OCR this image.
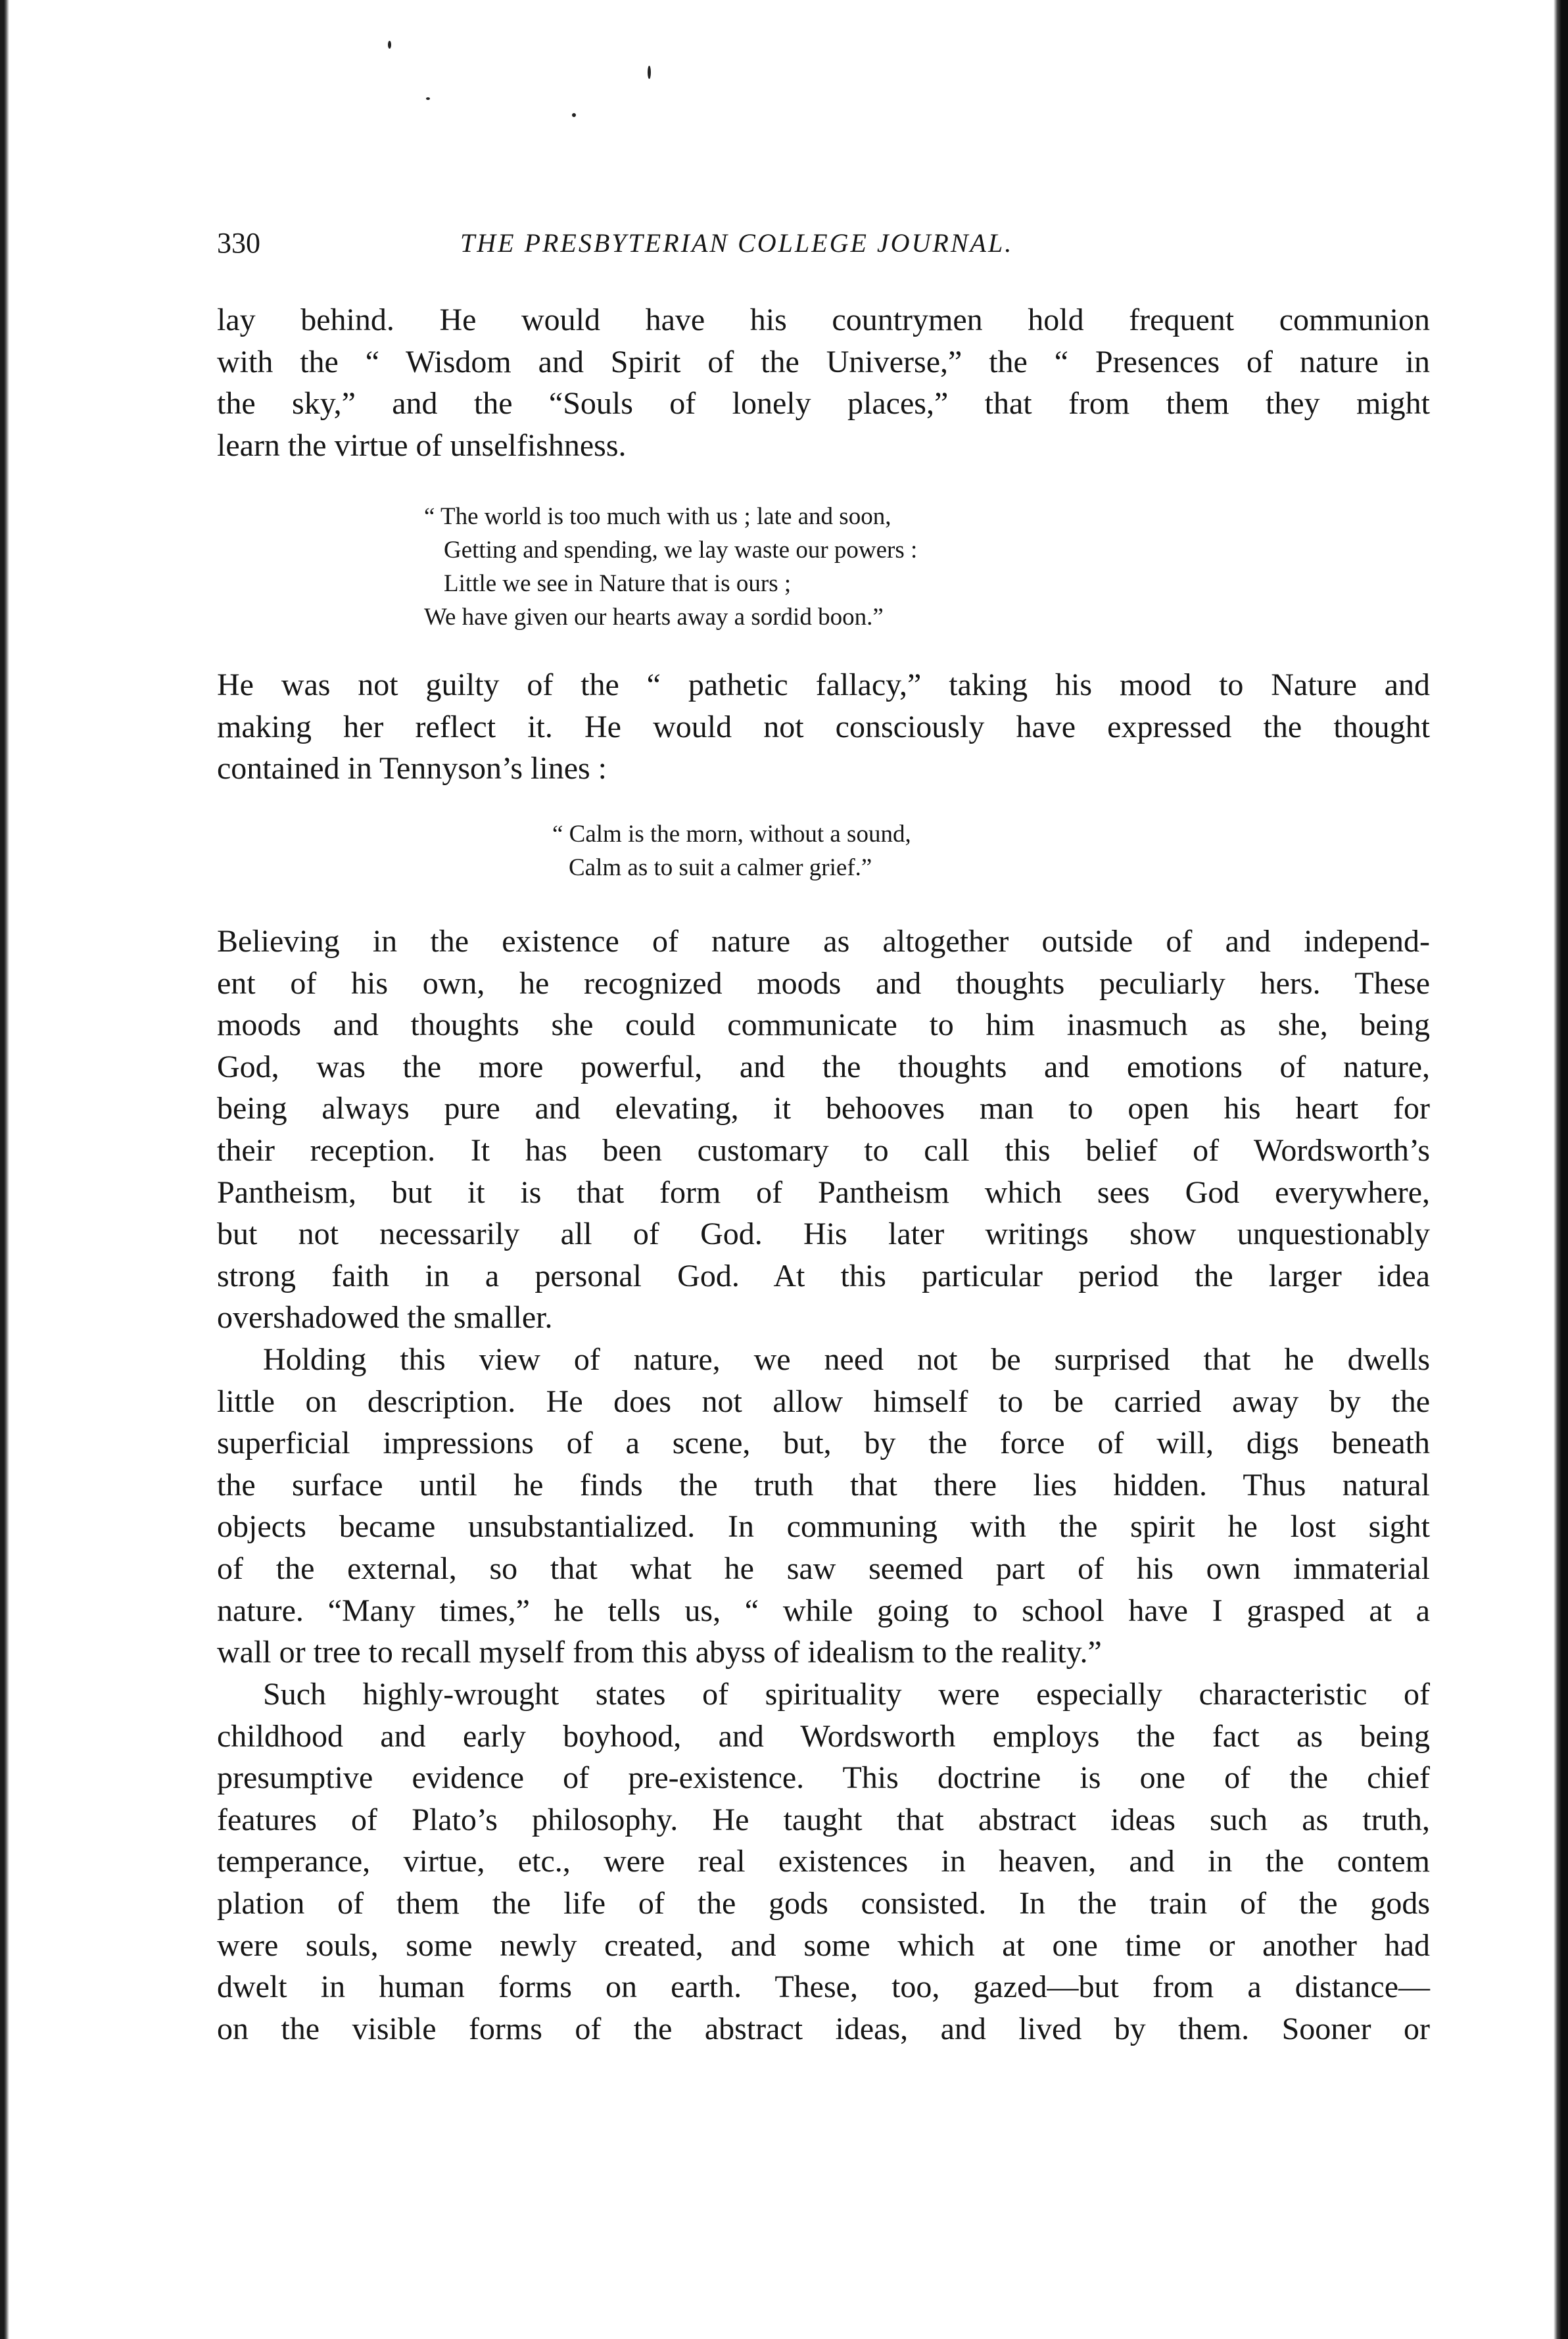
330	THE PRESBYTERIAN COLLEGE JOURNAL.
lay behind. He would have his countrymen hold frequent communion
with the “ Wisdom and Spirit of the Universe,” the “ Presences of nature in
the sky,” and the “Souls of lonely places,” that from them they might
learn the virtue of unselfishness.
“ The world is too much with us ; late and soon,
Getting and spending, we lay waste our powers :
Little we see in Nature that is ours ;
We have given our hearts away a sordid boon.”
He was not guilty of the “ pathetic fallacy,” taking his mood to Nature and
making her reflect it. He would not consciously have expressed the thought
contained in Tennyson’s lines :
“ Calm is the morn, without a sound,
Calm as to suit a calmer grief.”
Believing in the existence of nature as altogether outside of and independ-
ent of his own, he recognized moods and thoughts peculiarly hers. These
moods and thoughts she could communicate to him inasmuch as she, being
God, was the more powerful, and the thoughts and emotions of nature,
being always pure and elevating, it behooves man to open his heart for
their reception. It has been customary to call this belief of Wordsworth’s
Pantheism, but it is that form of Pantheism which sees God everywhere,
but not necessarily all of God. His later writings show unquestionably
strong faith in a personal God. At this particular period the larger idea
overshadowed the smaller.
Holding this view of nature, we need not be surprised that he dwells
little on description. He does not allow himself to be carried away by the
superficial impressions of a scene, but, by the force of will, digs beneath
the surface until he finds the truth that there lies hidden. Thus natural
objects became unsubstantialized. In communing with the spirit he lost sight
of the external, so that what he saw seemed part of his own immaterial
nature. “Many times,” he tells us, “ while going to school have I grasped at a
wall or tree to recall myself from this abyss of idealism to the reality.”
Such highly-wrought states of spirituality were especially characteristic of
childhood and early boyhood, and Wordsworth employs the fact as being
presumptive evidence of pre-existence. This doctrine is one of the chief
features of Plato’s philosophy. He taught that abstract ideas such as truth,
temperance, virtue, etc., were real existences in heaven, and in the contem
plation of them the life of the gods consisted. In the train of the gods
were souls, some newly created, and some which at one time or another had
dwelt in human forms on earth. These, too, gazed—but from a distance—
on the visible forms of the abstract ideas, and lived by them. Sooner or
